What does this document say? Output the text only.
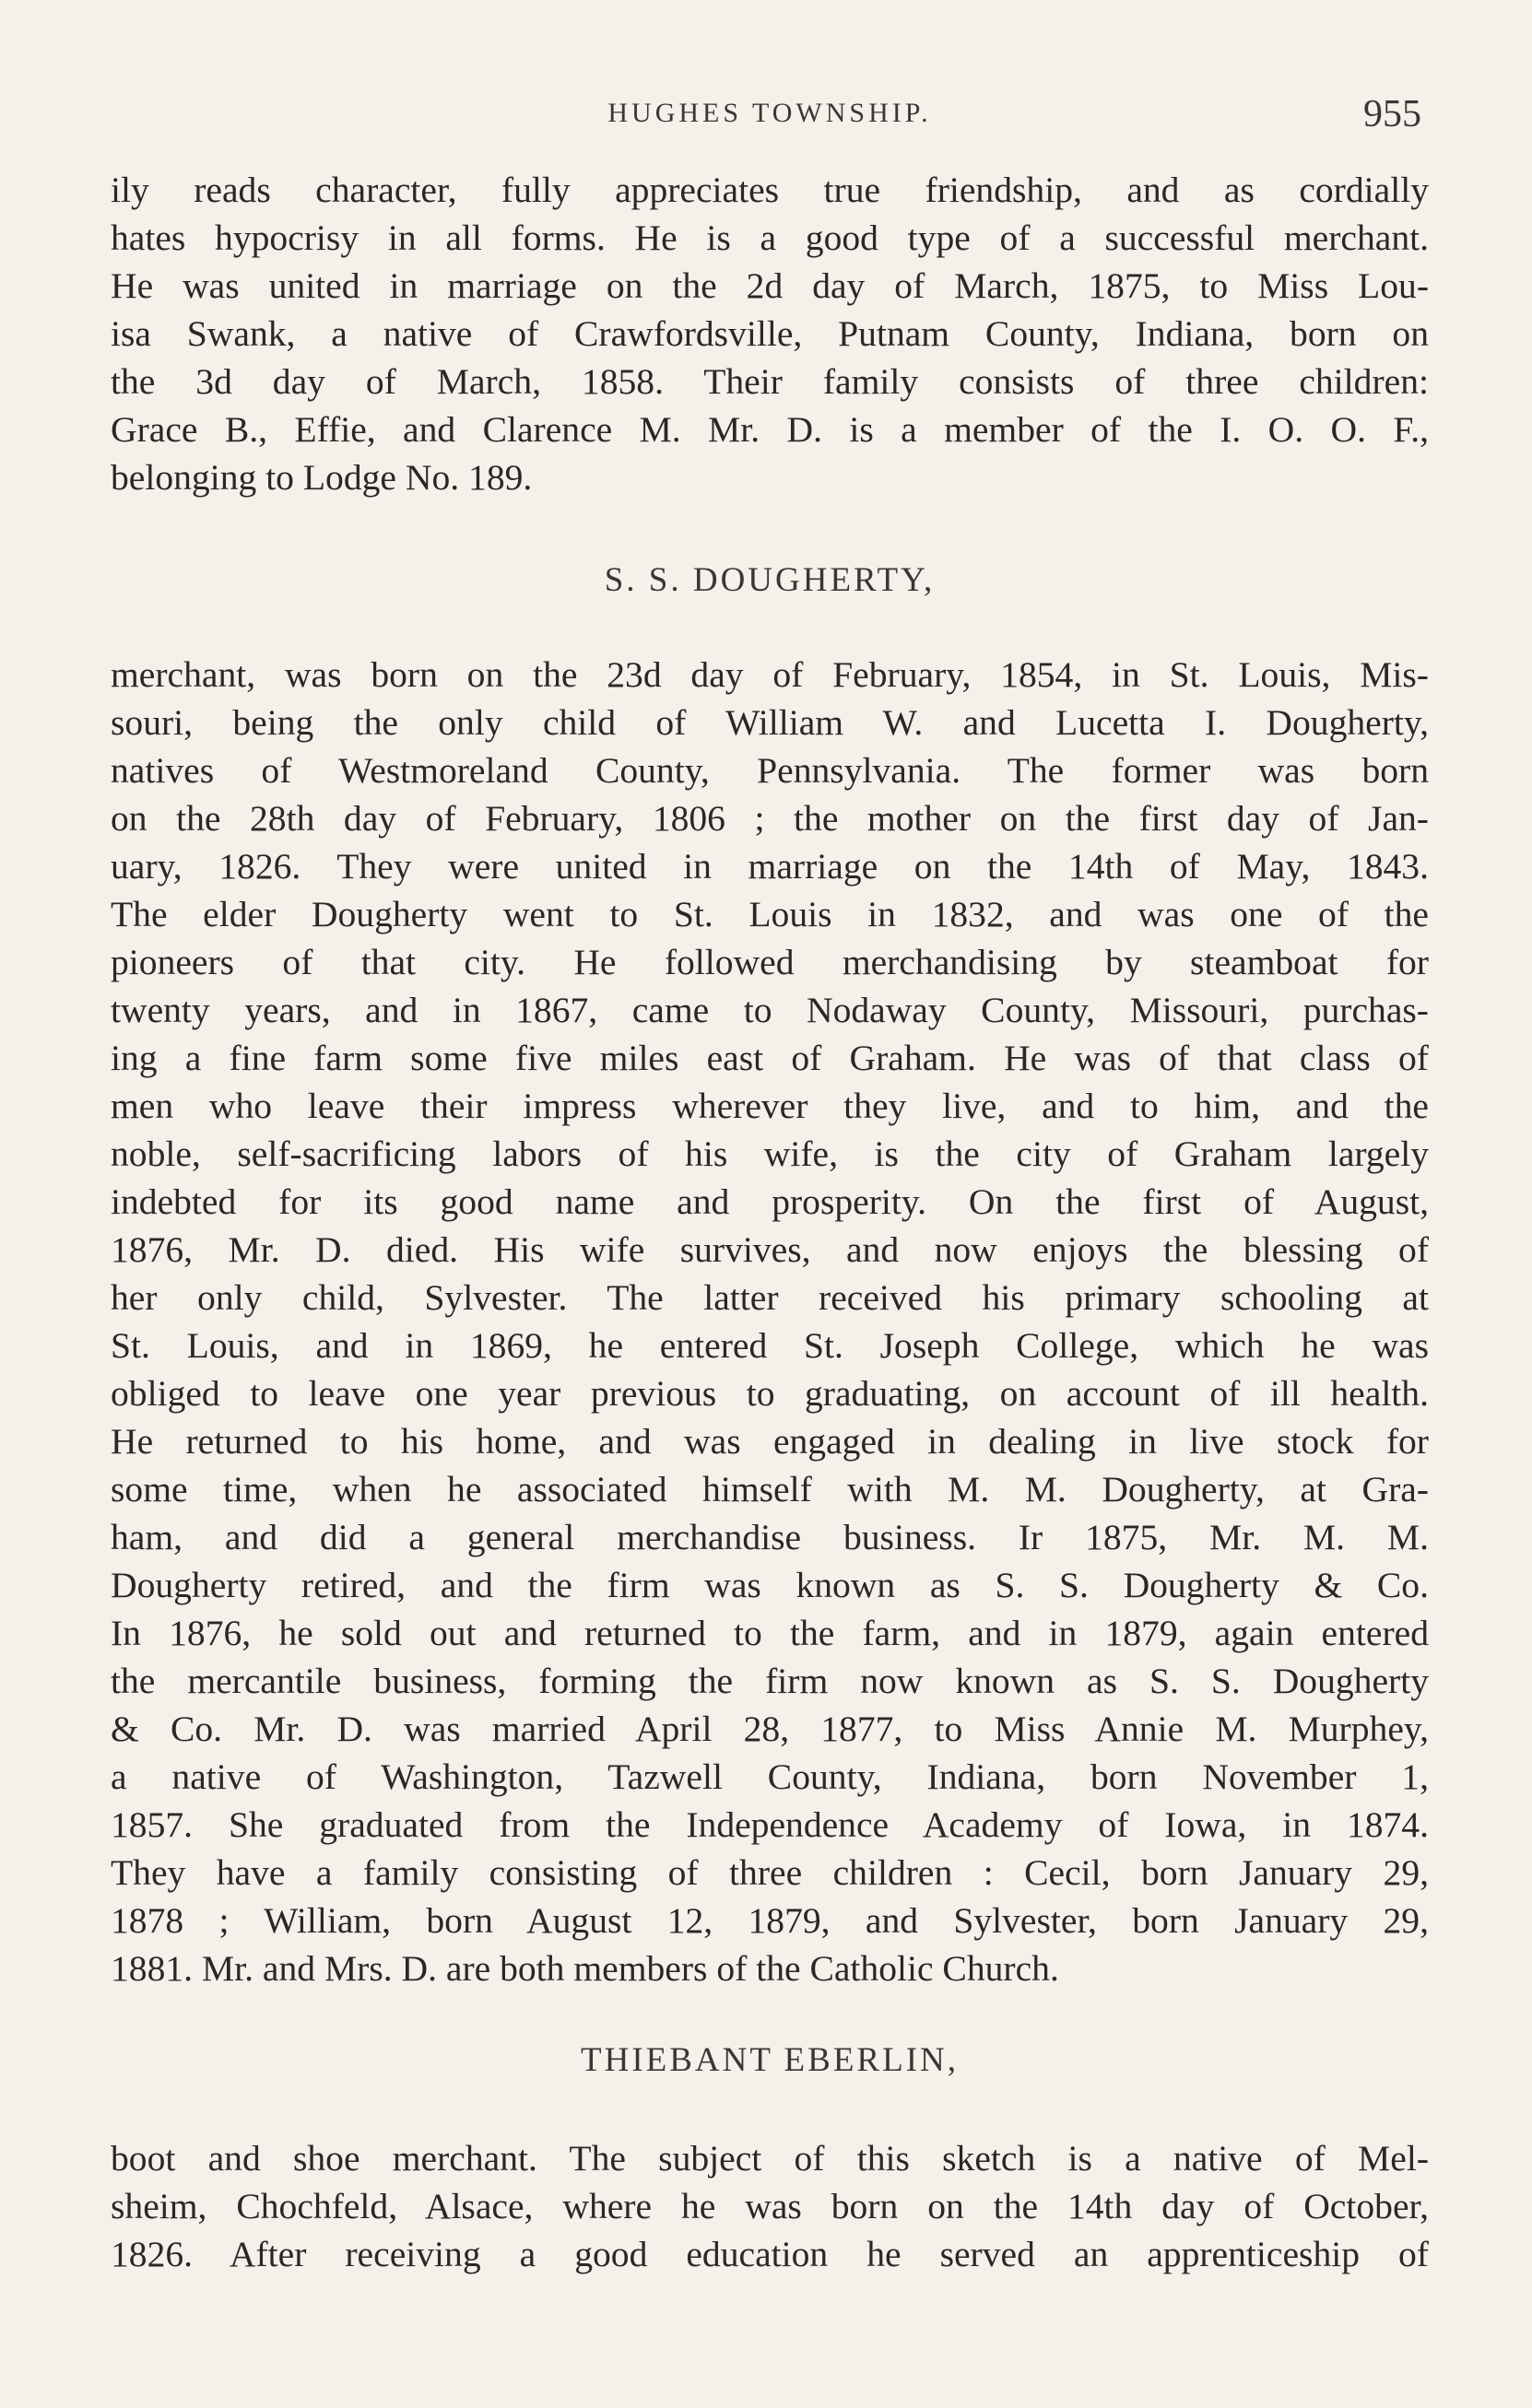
HUGHES TOWNSHIP.	955
ily reads character, fully appreciates true friendship, and as cordially
hates hypocrisy in all forms. He is a good type of a successful merchant.
He was united in marriage on the 2d day of March, 1875, to Miss Lou-
isa Swank, a native of Crawfordsville, Putnam County, Indiana, born on
the 3d day of March, 1858. Their family consists of three children:
Grace B., Effie, and Clarence M. Mr. D. is a member of the I. O. O. F.,
belonging to Lodge No. 189.
S. S. DOUGHERTY,
merchant, was born on the 23d day of February, 1854, in St. Louis, Mis-
souri, being the only child of William W. and Lucetta I. Dougherty,
natives of Westmoreland County, Pennsylvania. The former was born
on the 28th day of February, 1806 ; the mother on the first day of Jan-
uary, 1826. They were united in marriage on the 14th of May, 1843.
The elder Dougherty went to St. Louis in 1832, and was one of the
pioneers of that city. He followed merchandising by steamboat for
twenty years, and in 1867, came to Nodaway County, Missouri, purchas-
ing a fine farm some five miles east of Graham. He was of that class of
men who leave their impress wherever they live, and to him, and the
noble, self-sacrificing labors of his wife, is the city of Graham largely
indebted for its good name and prosperity. On the first of August,
1876, Mr. D. died. His wife survives, and now enjoys the blessing of
her only child, Sylvester. The latter received his primary schooling at
St. Louis, and in 1869, he entered St. Joseph College, which he was
obliged to leave one year previous to graduating, on account of ill health.
He returned to his home, and was engaged in dealing in live stock for
some time, when he associated himself with M. M. Dougherty, at Gra-
ham, and did a general merchandise business. Ir 1875, Mr. M. M.
Dougherty retired, and the firm was known as S. S. Dougherty & Co.
In 1876, he sold out and returned to the farm, and in 1879, again entered
the mercantile business, forming the firm now known as S. S. Dougherty
& Co. Mr. D. was married April 28, 1877, to Miss Annie M. Murphey,
a native of Washington, Tazwell County, Indiana, born November 1,
1857. She graduated from the Independence Academy of Iowa, in 1874.
They have a family consisting of three children : Cecil, born January 29,
1878 ; William, born August 12, 1879, and Sylvester, born January 29,
1881. Mr. and Mrs. D. are both members of the Catholic Church.
THIEBANT EBERLIN,
boot and shoe merchant. The subject of this sketch is a native of Mel-
sheim, Chochfeld, Alsace, where he was born on the 14th day of October,
1826. After receiving a good education he served an apprenticeship of
